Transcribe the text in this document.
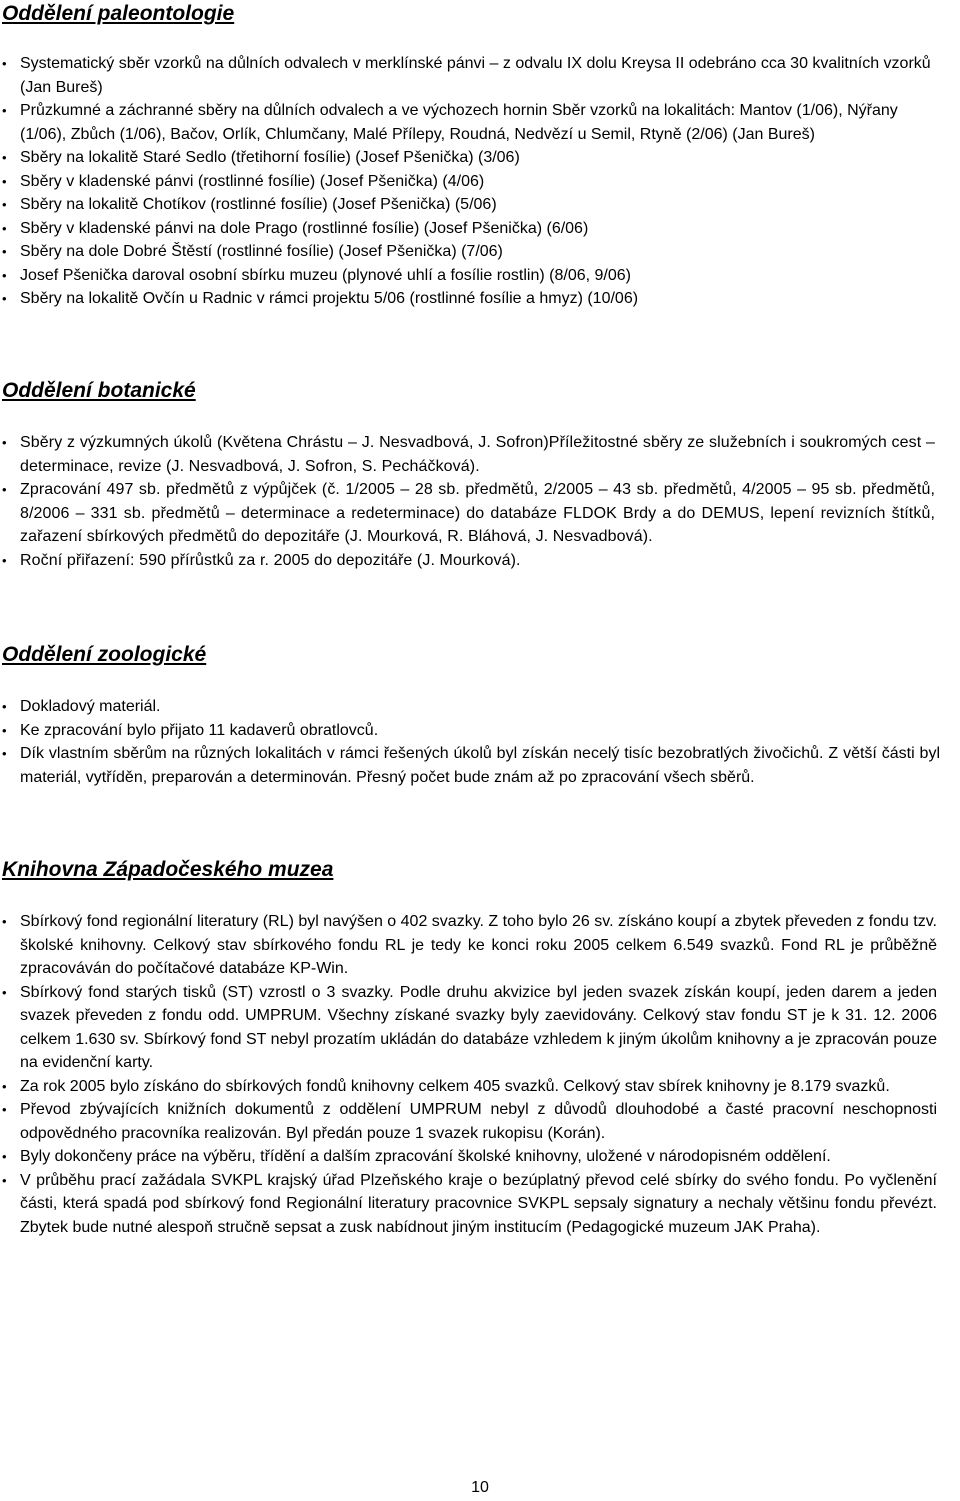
Oddělení paleontologie
• Systematický sběr vzorků na důlních odvalech v merklínské pánvi – z odvalu IX dolu Kreysa II odebráno cca 30 kvalitních vzorků (Jan Bureš)
• Průzkumné a záchranné sběry na důlních odvalech a ve výchozech hornin Sběr vzorků na lokalitách: Mantov (1/06), Nýřany (1/06), Zbůch (1/06), Bačov, Orlík, Chlumčany, Malé Přílepy, Roudná, Nedvězí u Semil, Rtyně (2/06) (Jan Bureš)
• Sběry na lokalitě Staré Sedlo (třetihorní fosílie) (Josef Pšenička) (3/06)
• Sběry v kladenské pánvi (rostlinné fosílie) (Josef Pšenička) (4/06)
• Sběry na lokalitě Chotíkov (rostlinné fosílie) (Josef Pšenička) (5/06)
• Sběry v kladenské pánvi na dole Prago (rostlinné fosílie) (Josef Pšenička) (6/06)
• Sběry na dole Dobré Štěstí (rostlinné fosílie) (Josef Pšenička) (7/06)
• Josef Pšenička daroval osobní sbírku muzeu (plynové uhlí a fosílie rostlin) (8/06, 9/06)
• Sběry na lokalitě Ovčín u Radnic v rámci projektu 5/06 (rostlinné fosílie a hmyz) (10/06)
Oddělení botanické
• Sběry z výzkumných úkolů (Květena Chrástu – J. Nesvadbová, J. Sofron)Příležitostné sběry ze služebních i soukromých cest – determinace, revize (J. Nesvadbová, J. Sofron, S. Pecháčková).
• Zpracování 497 sb. předmětů z výpůjček (č. 1/2005 – 28 sb. předmětů, 2/2005 – 43 sb. předmětů, 4/2005 – 95 sb. předmětů, 8/2006 – 331 sb. předmětů – determinace a redeterminace) do databáze FLDOK Brdy a do DEMUS, lepení revizních štítků, zařazení sbírkových předmětů do depozitáře (J. Mourková, R. Bláhová, J. Nesvadbová).
• Roční přiřazení: 590 přírůstků za r. 2005 do depozitáře (J. Mourková).
Oddělení zoologické
• Dokladový materiál.
• Ke zpracování bylo přijato 11 kadaverů obratlovců.
• Dík vlastním sběrům na různých lokalitách v rámci řešených úkolů byl získán necelý tisíc bezobratlých živočichů. Z větší části byl materiál, vytříděn, preparován a determinován. Přesný počet bude znám až po zpracování všech sběrů.
Knihovna Západočeského muzea
• Sbírkový fond regionální literatury (RL) byl navýšen o 402 svazky. Z toho bylo 26 sv. získáno koupí a zbytek převeden z fondu tzv. školské knihovny. Celkový stav sbírkového fondu RL je tedy ke konci roku 2005 celkem 6.549 svazků. Fond RL je průběžně zpracováván do počítačové databáze KP-Win.
• Sbírkový fond starých tisků (ST) vzrostl o 3 svazky. Podle druhu akvizice byl jeden svazek získán koupí, jeden darem a jeden svazek převeden z fondu odd. UMPRUM. Všechny získané svazky byly zaevidovány. Celkový stav fondu ST je k 31. 12. 2006 celkem 1.630 sv. Sbírkový fond ST nebyl prozatím ukládán do databáze vzhledem k jiným úkolům knihovny a je zpracován pouze na evidenční karty.
• Za rok 2005 bylo získáno do sbírkových fondů knihovny celkem 405 svazků. Celkový stav sbírek knihovny je 8.179 svazků.
• Převod zbývajících knižních dokumentů z oddělení UMPRUM nebyl z důvodů dlouhodobé a časté pracovní neschopnosti odpovědného pracovníka realizován. Byl předán pouze 1 svazek rukopisu (Korán).
• Byly dokončeny práce na výběru, třídění a dalším zpracování školské knihovny, uložené v národopisném oddělení.
• V průběhu prací zažádala SVKPL krajský úřad Plzeňského kraje o bezúplatný převod celé sbírky do svého fondu. Po vyčlenění části, která spadá pod sbírkový fond Regionální literatury pracovnice SVKPL sepsaly signatury a nechaly většinu fondu převézt. Zbytek bude nutné alespoň stručně sepsat a zusk nabídnout jiným institucím (Pedagogické muzeum JAK Praha).
10
